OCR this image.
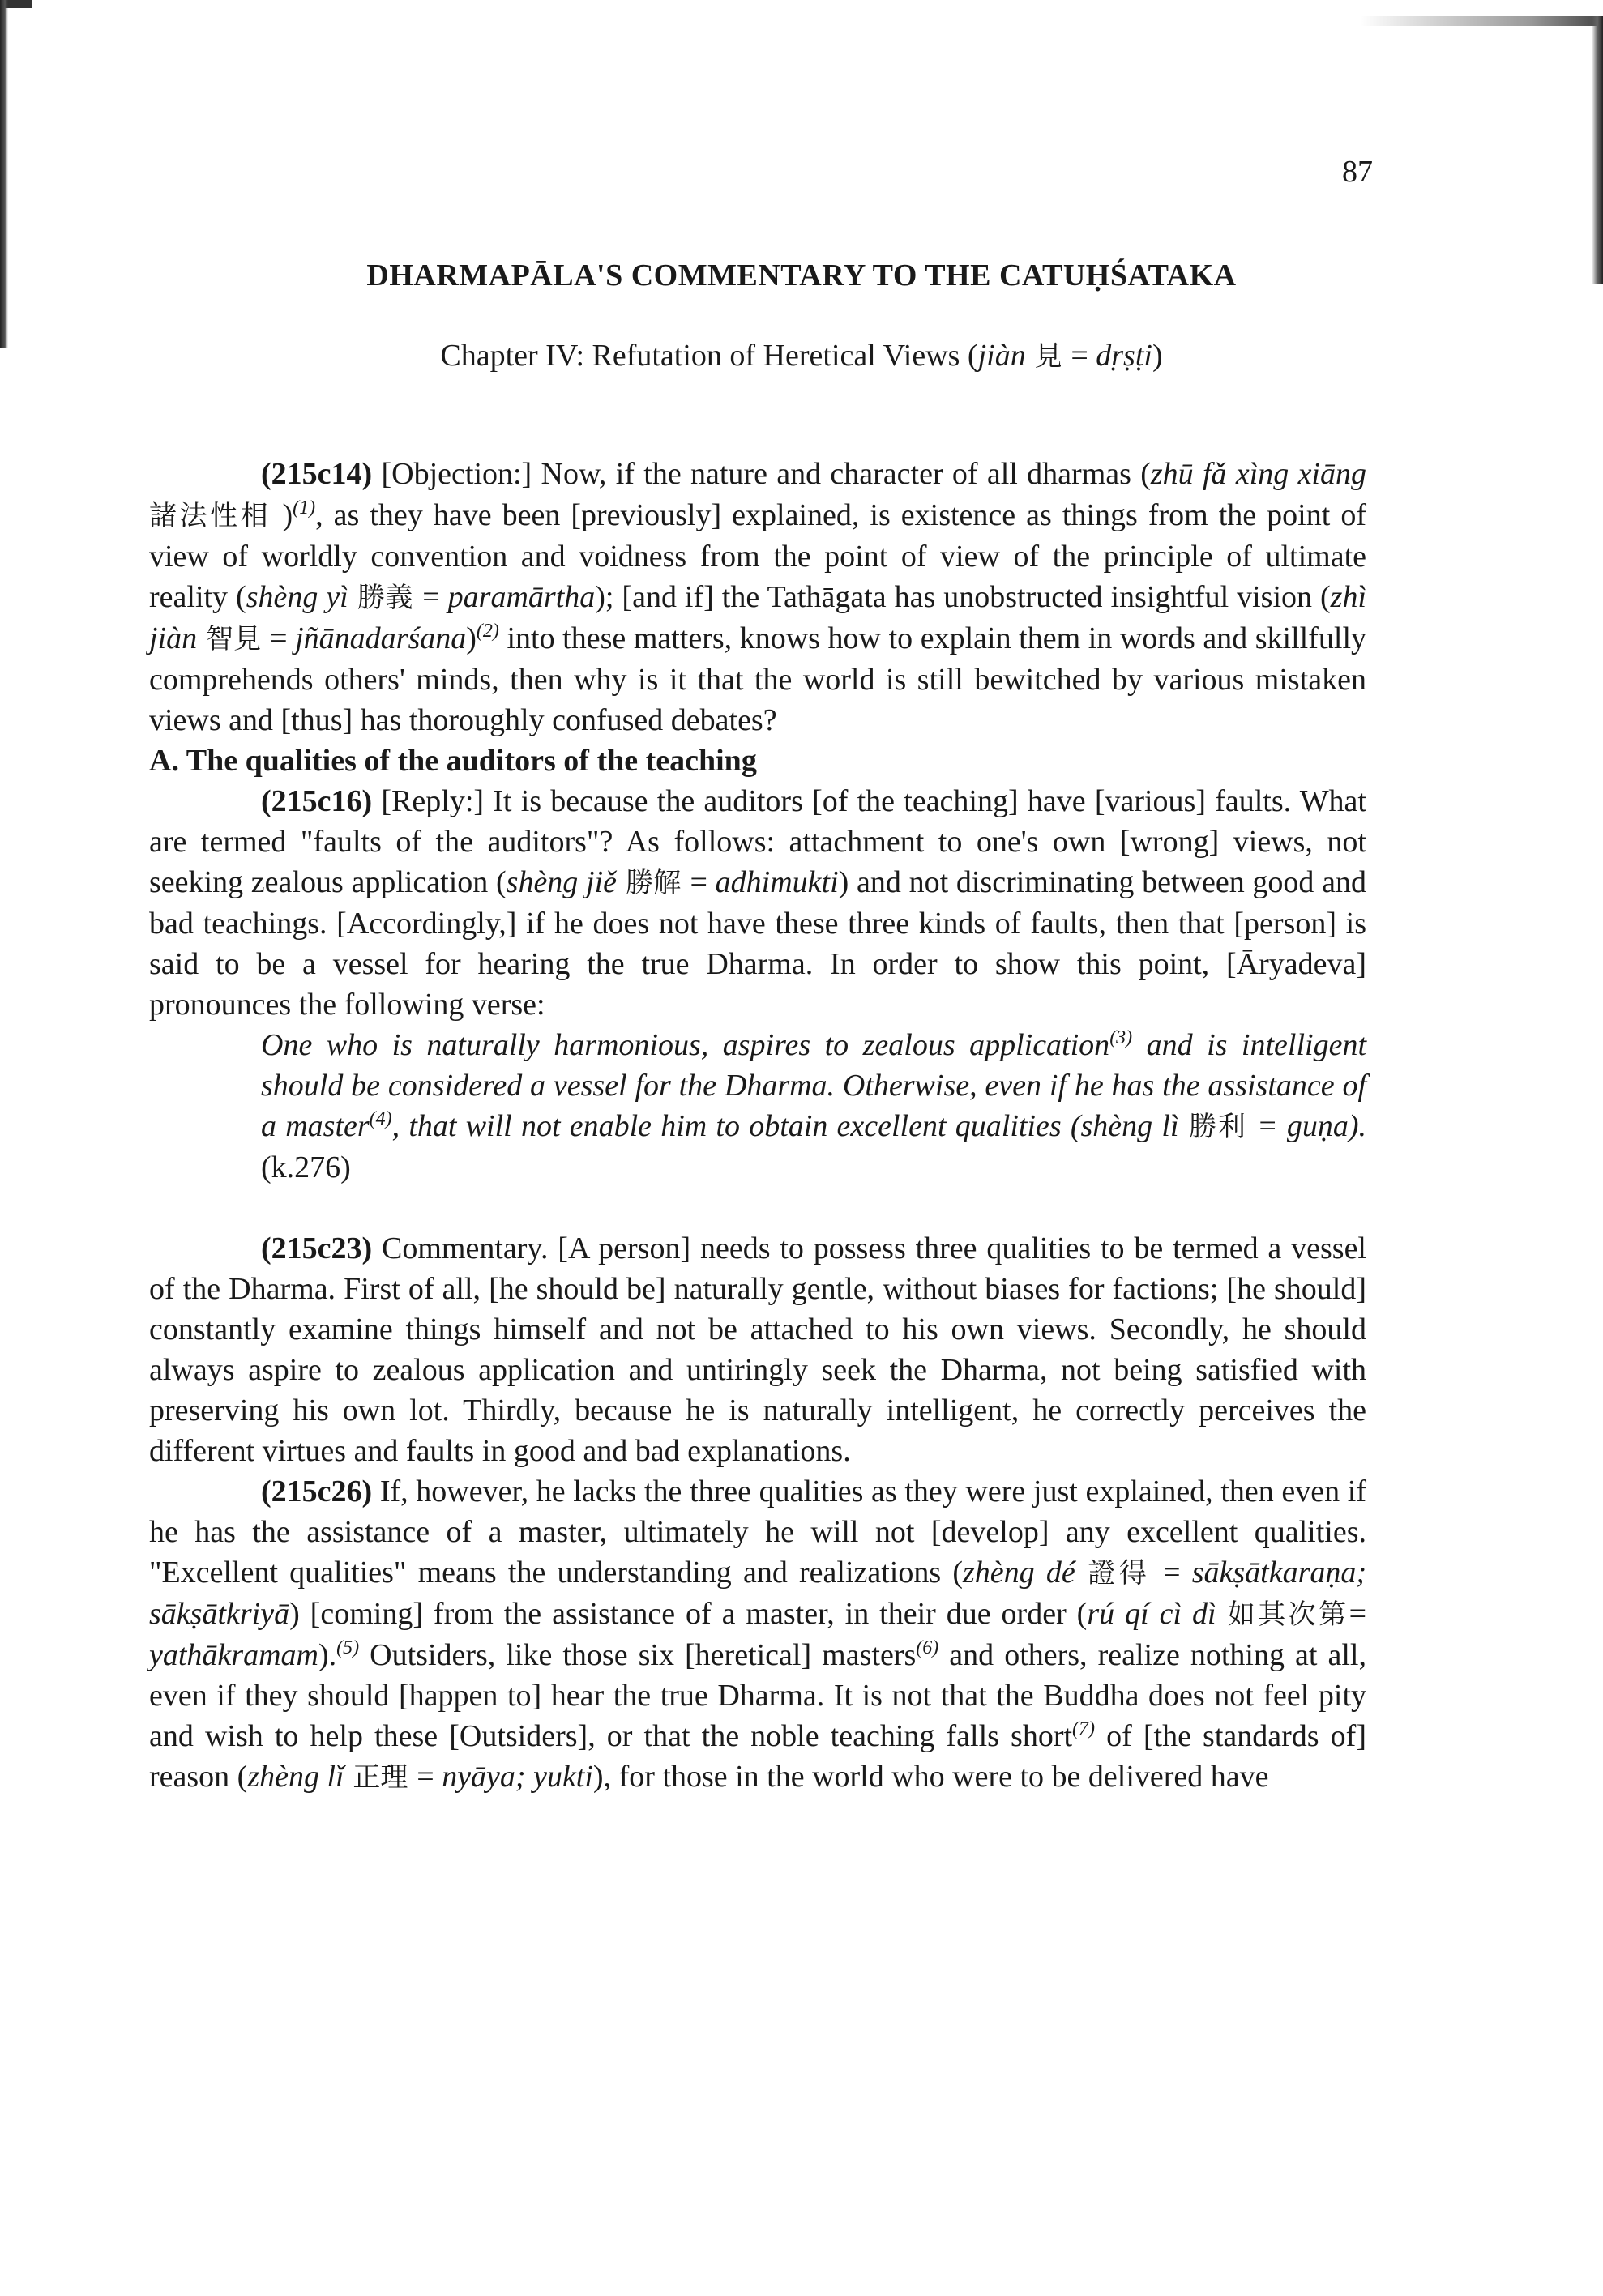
87
DHARMAPĀLA'S COMMENTARY TO THE CATUḤŚATAKA
Chapter IV: Refutation of Heretical Views (jiàn 見 = dṛṣṭi)

(215c14) [Objection:] Now, if the nature and character of all dharmas (zhū fǎ xìng xiāng 諸法性相 )$^{(1)}$, as they have been [previously] explained, is existence as things from the point of view of worldly convention and voidness from the point of view of the principle of ultimate reality (shèng yì 勝義 = paramārtha); [and if] the Tathāgata has unobstructed insightful vision (zhì jiàn 智見 = jñānadarśana)$^{(2)}$ into these matters, knows how to explain them in words and skillfully comprehends others' minds, then why is it that the world is still bewitched by various mistaken views and [thus] has thoroughly confused debates?

A. The qualities of the auditors of the teaching

(215c16) [Reply:] It is because the auditors [of the teaching] have [various] faults. What are termed "faults of the auditors"? As follows: attachment to one's own [wrong] views, not seeking zealous application (shèng jiě 勝解 = adhimukti) and not discriminating between good and bad teachings. [Accordingly,] if he does not have these three kinds of faults, then that [person] is said to be a vessel for hearing the true Dharma. In order to show this point, [Āryadeva] pronounces the following verse:

One who is naturally harmonious, aspires to zealous application$^{(3)}$ and is intelligent should be considered a vessel for the Dharma. Otherwise, even if he has the assistance of a master$^{(4)}$, that will not enable him to obtain excellent qualities (shèng lì 勝利 = guṇa). (k.276)

(215c23) Commentary. [A person] needs to possess three qualities to be termed a vessel of the Dharma. First of all, [he should be] naturally gentle, without biases for factions; [he should] constantly examine things himself and not be attached to his own views. Secondly, he should always aspire to zealous application and untiringly seek the Dharma, not being satisfied with preserving his own lot. Thirdly, because he is naturally intelligent, he correctly perceives the different virtues and faults in good and bad explanations.

(215c26) If, however, he lacks the three qualities as they were just explained, then even if he has the assistance of a master, ultimately he will not [develop] any excellent qualities. "Excellent qualities" means the understanding and realizations (zhèng dé 證得 = sākṣātkaraṇa; sākṣātkriyā) [coming] from the assistance of a master, in their due order (rú qí cì dì 如其次第= yathākramam).$^{(5)}$ Outsiders, like those six [heretical] masters$^{(6)}$ and others, realize nothing at all, even if they should [happen to] hear the true Dharma. It is not that the Buddha does not feel pity and wish to help these [Outsiders], or that the noble teaching falls short$^{(7)}$ of [the standards of] reason (zhèng lǐ 正理 = nyāya; yukti), for those in the world who were to be delivered have
